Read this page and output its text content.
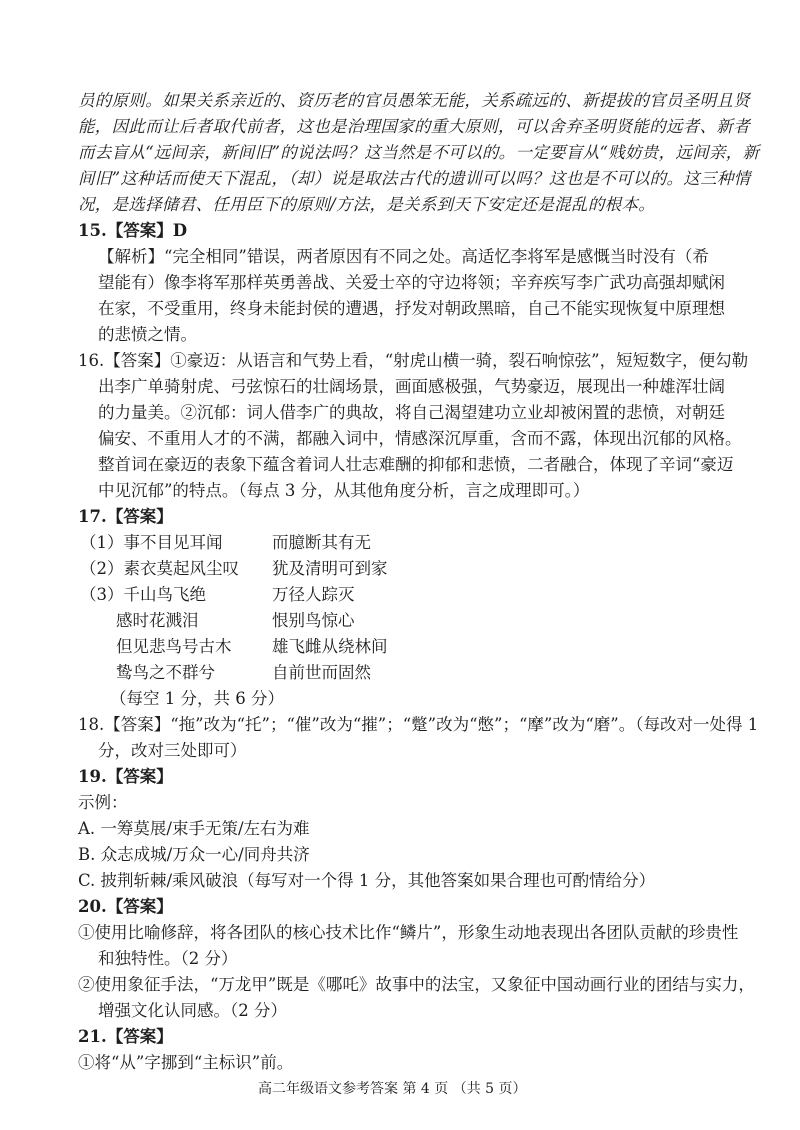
员的原则。如果关系亲近的、资历老的官员愚笨无能，关系疏远的、新提拔的官员圣明且贤
能，因此而让后者取代前者，这也是治理国家的重大原则，可以舍弃圣明贤能的远者、新者
而去盲从“远间亲，新间旧”的说法吗？这当然是不可以的。一定要盲从“贱妨贵，远间亲，新
间旧”这种话而使天下混乱，（却）说是取法古代的遗训可以吗？这也是不可以的。这三种情
况，是选择储君、任用臣下的原则/方法，是关系到天下安定还是混乱的根本。
15.【答案】D
【解析】“完全相同”错误，两者原因有不同之处。高适忆李将军是感慨当时没有（希
望能有）像李将军那样英勇善战、关爱士卒的守边将领；辛弃疾写李广武功高强却赋闲
在家，不受重用，终身未能封侯的遭遇，抒发对朝政黑暗，自己不能实现恢复中原理想
的悲愤之情。
16.【答案】①豪迈：从语言和气势上看，“射虎山横一骑，裂石响惊弦”，短短数字，便勾勒
出李广单骑射虎、弓弦惊石的壮阔场景，画面感极强，气势豪迈，展现出一种雄浑壮阔
的力量美。②沉郁：词人借李广的典故，将自己渴望建功立业却被闲置的悲愤，对朝廷
偏安、不重用人才的不满，都融入词中，情感深沉厚重，含而不露，体现出沉郁的风格。
整首词在豪迈的表象下蕴含着词人壮志难酬的抑郁和悲愤，二者融合，体现了辛词“豪迈
中见沉郁”的特点。（每点 3 分，从其他角度分析，言之成理即可。）
17.【答案】
（1）事不目见耳闻	而臆断其有无
（2）素衣莫起风尘叹 犹及清明可到家
（3）千山鸟飞绝	万径人踪灭
感时花溅泪	恨别鸟惊心
但见悲鸟号古木 雄飞雌从绕林间
鸷鸟之不群兮	自前世而固然
（每空 1 分，共 6 分）
18.【答案】“拖”改为“托”；“催”改为“摧”；“蹩”改为“憋”；“摩”改为“磨”。（每改对一处得 1
分，改对三处即可）
19.【答案】
示例：
A. 一筹莫展/束手无策/左右为难
B. 众志成城/万众一心/同舟共济
C. 披荆斩棘/乘风破浪（每写对一个得 1 分，其他答案如果合理也可酌情给分）
20.【答案】
①使用比喻修辞，将各团队的核心技术比作“鳞片”，形象生动地表现出各团队贡献的珍贵性
和独特性。（2 分）
②使用象征手法，“万龙甲”既是《哪吒》故事中的法宝，又象征中国动画行业的团结与实力，
增强文化认同感。（2 分）
21.【答案】
①将“从”字挪到“主标识”前。
高二年级语文参考答案 第 4 页 （共 5 页）
